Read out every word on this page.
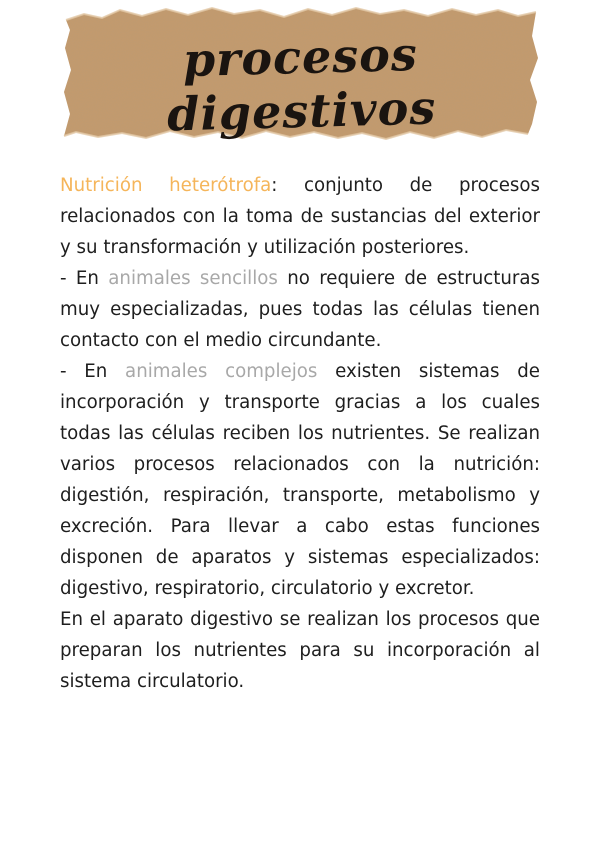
procesos digestivos

Nutrición heterótrofa: conjunto de procesos relacionados con la toma de sustancias del exterior y su transformación y utilización posteriores.

- En animales sencillos no requiere de estructuras muy especializadas, pues todas las células tienen contacto con el medio circundante.

- En animales complejos existen sistemas de incorporación y transporte gracias a los cuales todas las células reciben los nutrientes. Se realizan varios procesos relacionados con la nutrición: digestión, respiración, transporte, metabolismo y excreción. Para llevar a cabo estas funciones disponen de aparatos y sistemas especializados: digestivo, respiratorio, circulatorio y excretor.

En el aparato digestivo se realizan los procesos que preparan los nutrientes para su incorporación al sistema circulatorio.
